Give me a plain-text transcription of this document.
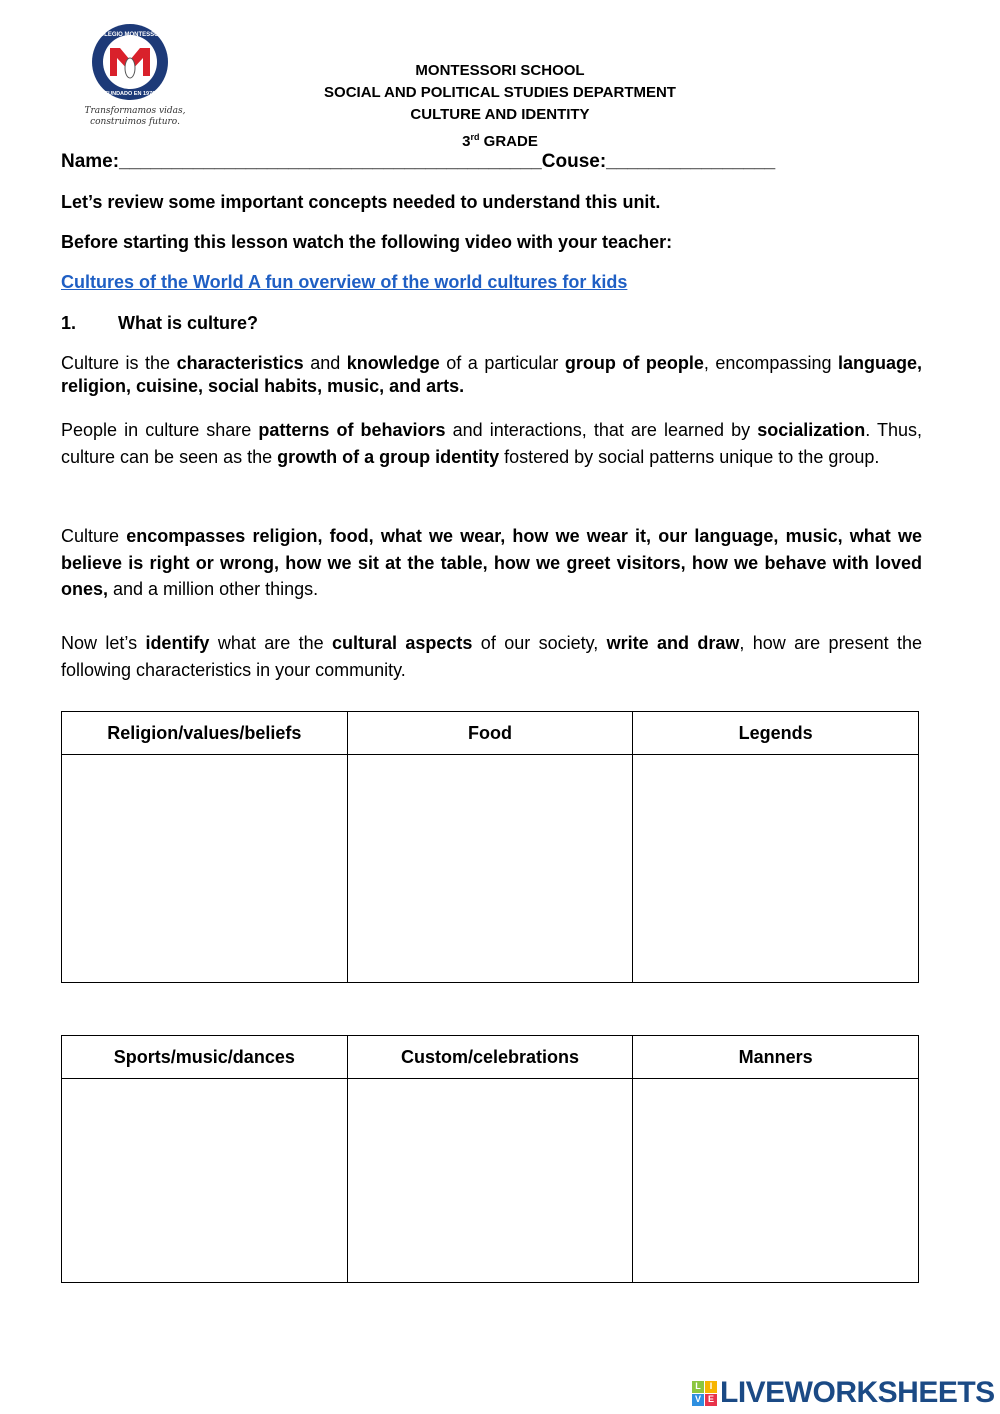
COLEGIO MONTESSORI
FUNDADO EN 1976
Transformamos vidas, construimos futuro.
MONTESSORI SCHOOL
SOCIAL AND POLITICAL STUDIES DEPARTMENT
CULTURE AND IDENTITY
3rd GRADE
Name:________________________________________Couse:________________
Let’s review some important concepts needed to understand this unit.
Before starting this lesson watch the following video with your teacher:
Cultures of the World A fun overview of the world cultures for kids
1. What is culture?
Culture is the characteristics and knowledge of a particular group of people, encompassing language, religion, cuisine, social habits, music, and arts.
People in culture share patterns of behaviors and interactions, that are learned by socialization. Thus, culture can be seen as the growth of a group identity fostered by social patterns unique to the group.
Culture encompasses religion, food, what we wear, how we wear it, our language, music, what we believe is right or wrong, how we sit at the table, how we greet visitors, how we behave with loved ones, and a million other things.
Now let’s identify what are the cultural aspects of our society, write and draw, how are present the following characteristics in your community.
Religion/values/beliefs	Food	Legends

Sports/music/dances	Custom/celebrations	Manners

L I
V E LIVEWORKSHEETS
